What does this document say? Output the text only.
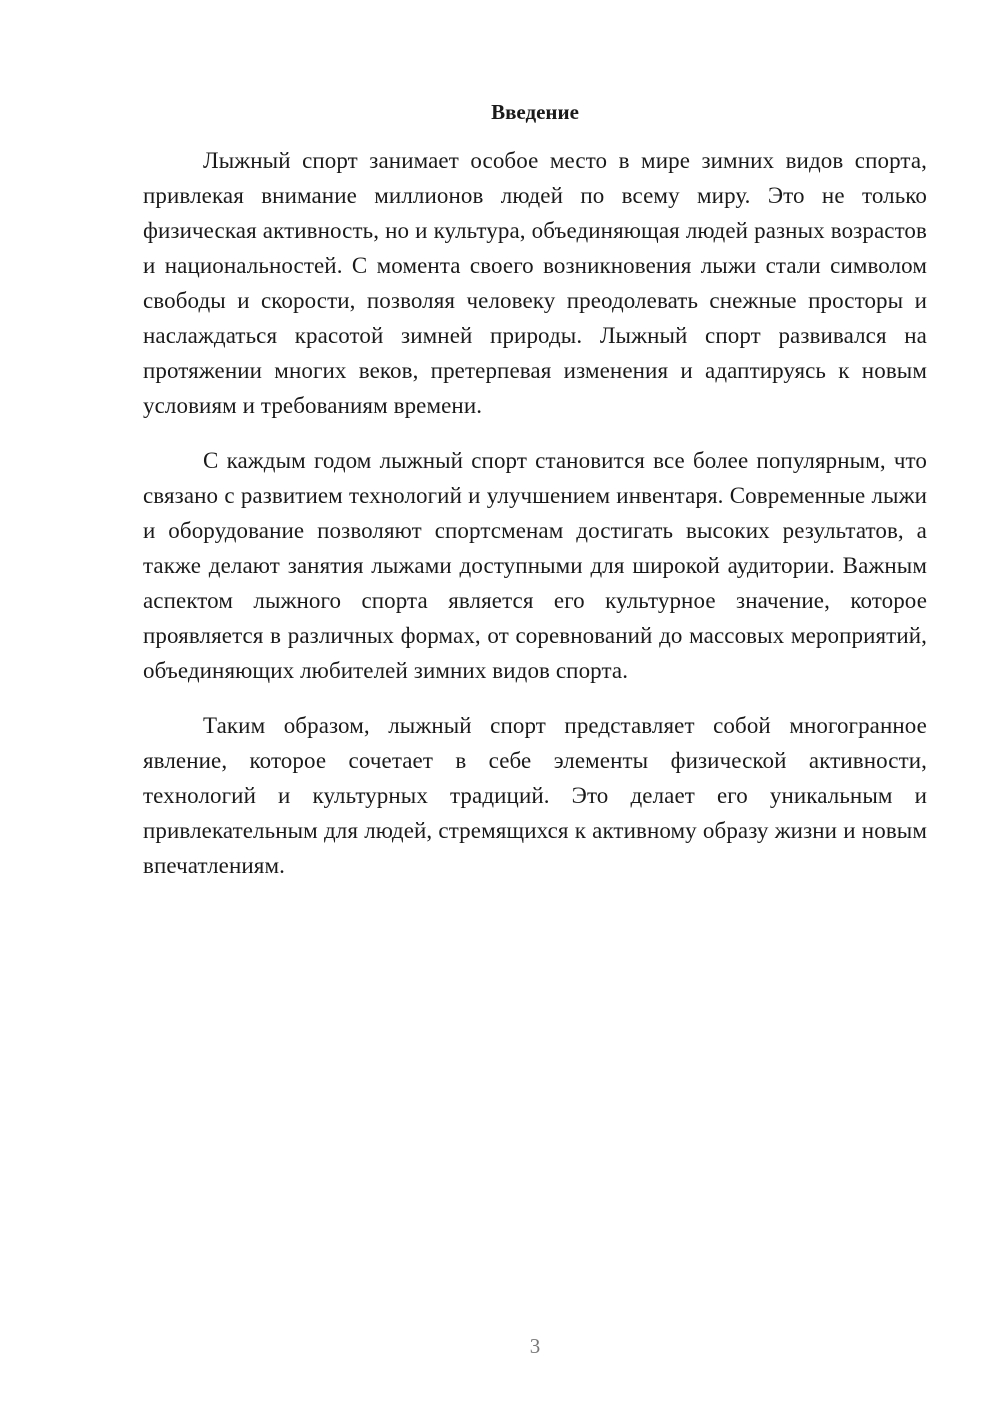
Введение

Лыжный спорт занимает особое место в мире зимних видов спорта, привлекая внимание миллионов людей по всему миру. Это не только физическая активность, но и культура, объединяющая людей разных возрастов и национальностей. С момента своего возникновения лыжи стали символом свободы и скорости, позволяя человеку преодолевать снежные просторы и наслаждаться красотой зимней природы. Лыжный спорт развивался на протяжении многих веков, претерпевая изменения и адаптируясь к новым условиям и требованиям времени.

С каждым годом лыжный спорт становится все более популярным, что связано с развитием технологий и улучшением инвентаря. Современные лыжи и оборудование позволяют спортсменам достигать высоких результатов, а также делают занятия лыжами доступными для широкой аудитории. Важным аспектом лыжного спорта является его культурное значение, которое проявляется в различных формах, от соревнований до массовых мероприятий, объединяющих любителей зимних видов спорта.

Таким образом, лыжный спорт представляет собой многогранное явление, которое сочетает в себе элементы физической активности, технологий и культурных традиций. Это делает его уникальным и привлекательным для людей, стремящихся к активному образу жизни и новым впечатлениям.

3
